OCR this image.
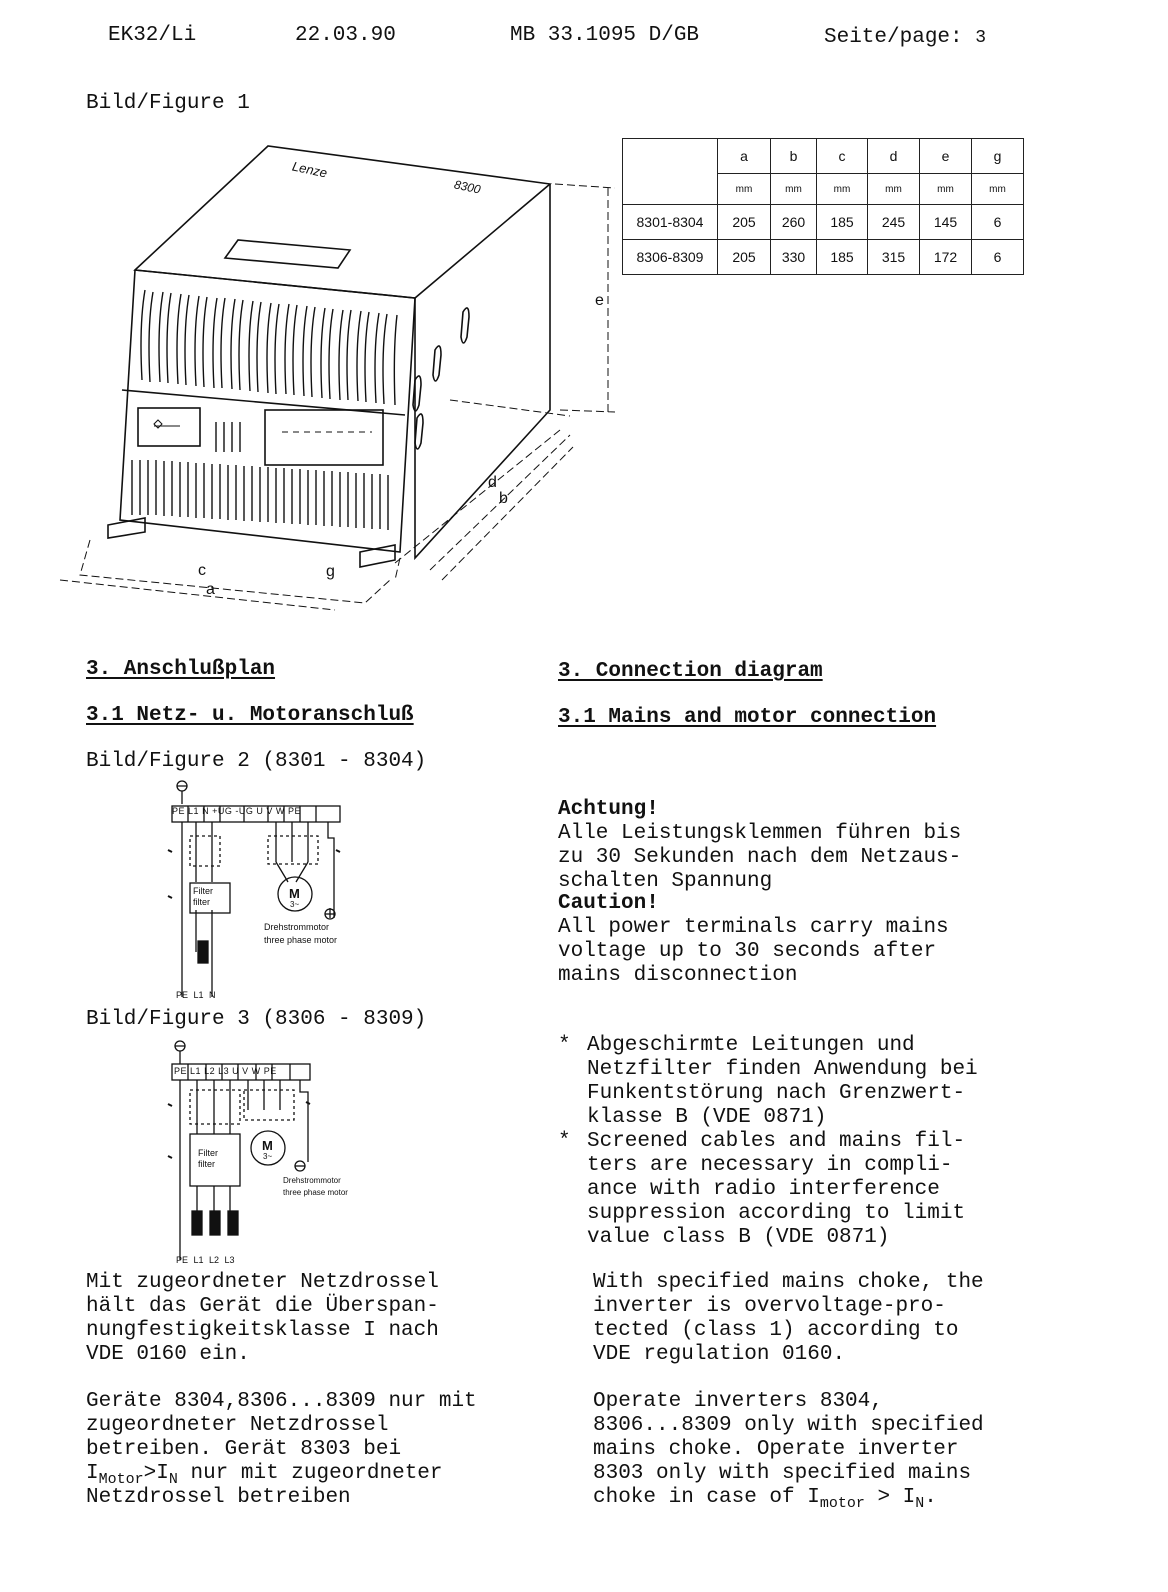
EK32/Li	22.03.90	MB 33.1095 D/GB	Seite/page: 3
Bild/Figure 1
Lenze
8300
e
d
b
c	g
a
	a	b	c	d	e	g
	mm	mm	mm	mm	mm	mm
8301-8304	205	260	185	245	145	6
8306-8309	205	330	185	315	172	6
3. Anschlußplan	3. Connection diagram
3.1 Netz- u. Motoranschluß	3.1 Mains and motor connection
Bild/Figure 2 (8301 - 8304)
PE L1 N +UG -UG U V W PE
Filter
filter
M
3~
Drehstrommotor
three phase motor
PE L1 N
Bild/Figure 3 (8306 - 8309)
PE L1 L2 L3 U V W PE
Filter
filter
M
3~
Drehstrommotor
three phase motor
PE L1 L2 L3
Achtung!
Alle Leistungsklemmen führen bis
zu 30 Sekunden nach dem Netzaus-
schalten Spannung
Caution!
All power terminals carry mains
voltage up to 30 seconds after
mains disconnection
* Abgeschirmte Leitungen und
Netzfilter finden Anwendung bei
Funkentstörung nach Grenzwert-
klasse B (VDE 0871)
* Screened cables and mains fil-
ters are necessary in compli-
ance with radio interference
suppression according to limit
value class B (VDE 0871)
Mit zugeordneter Netzdrossel
hält das Gerät die Überspan-
nungfestigkeitsklasse I nach
VDE 0160 ein.
With specified mains choke, the
inverter is overvoltage-pro-
tected (class 1) according to
VDE regulation 0160.
Geräte 8304,8306...8309 nur mit
zugeordneter Netzdrossel
betreiben. Gerät 8303 bei
$I_{Motor}>I_N$ nur mit zugeordneter
Netzdrossel betreiben
Operate inverters 8304,
8306...8309 only with specified
mains choke. Operate inverter
8303 only with specified mains
choke in case of $I_{motor} > I_N$.
